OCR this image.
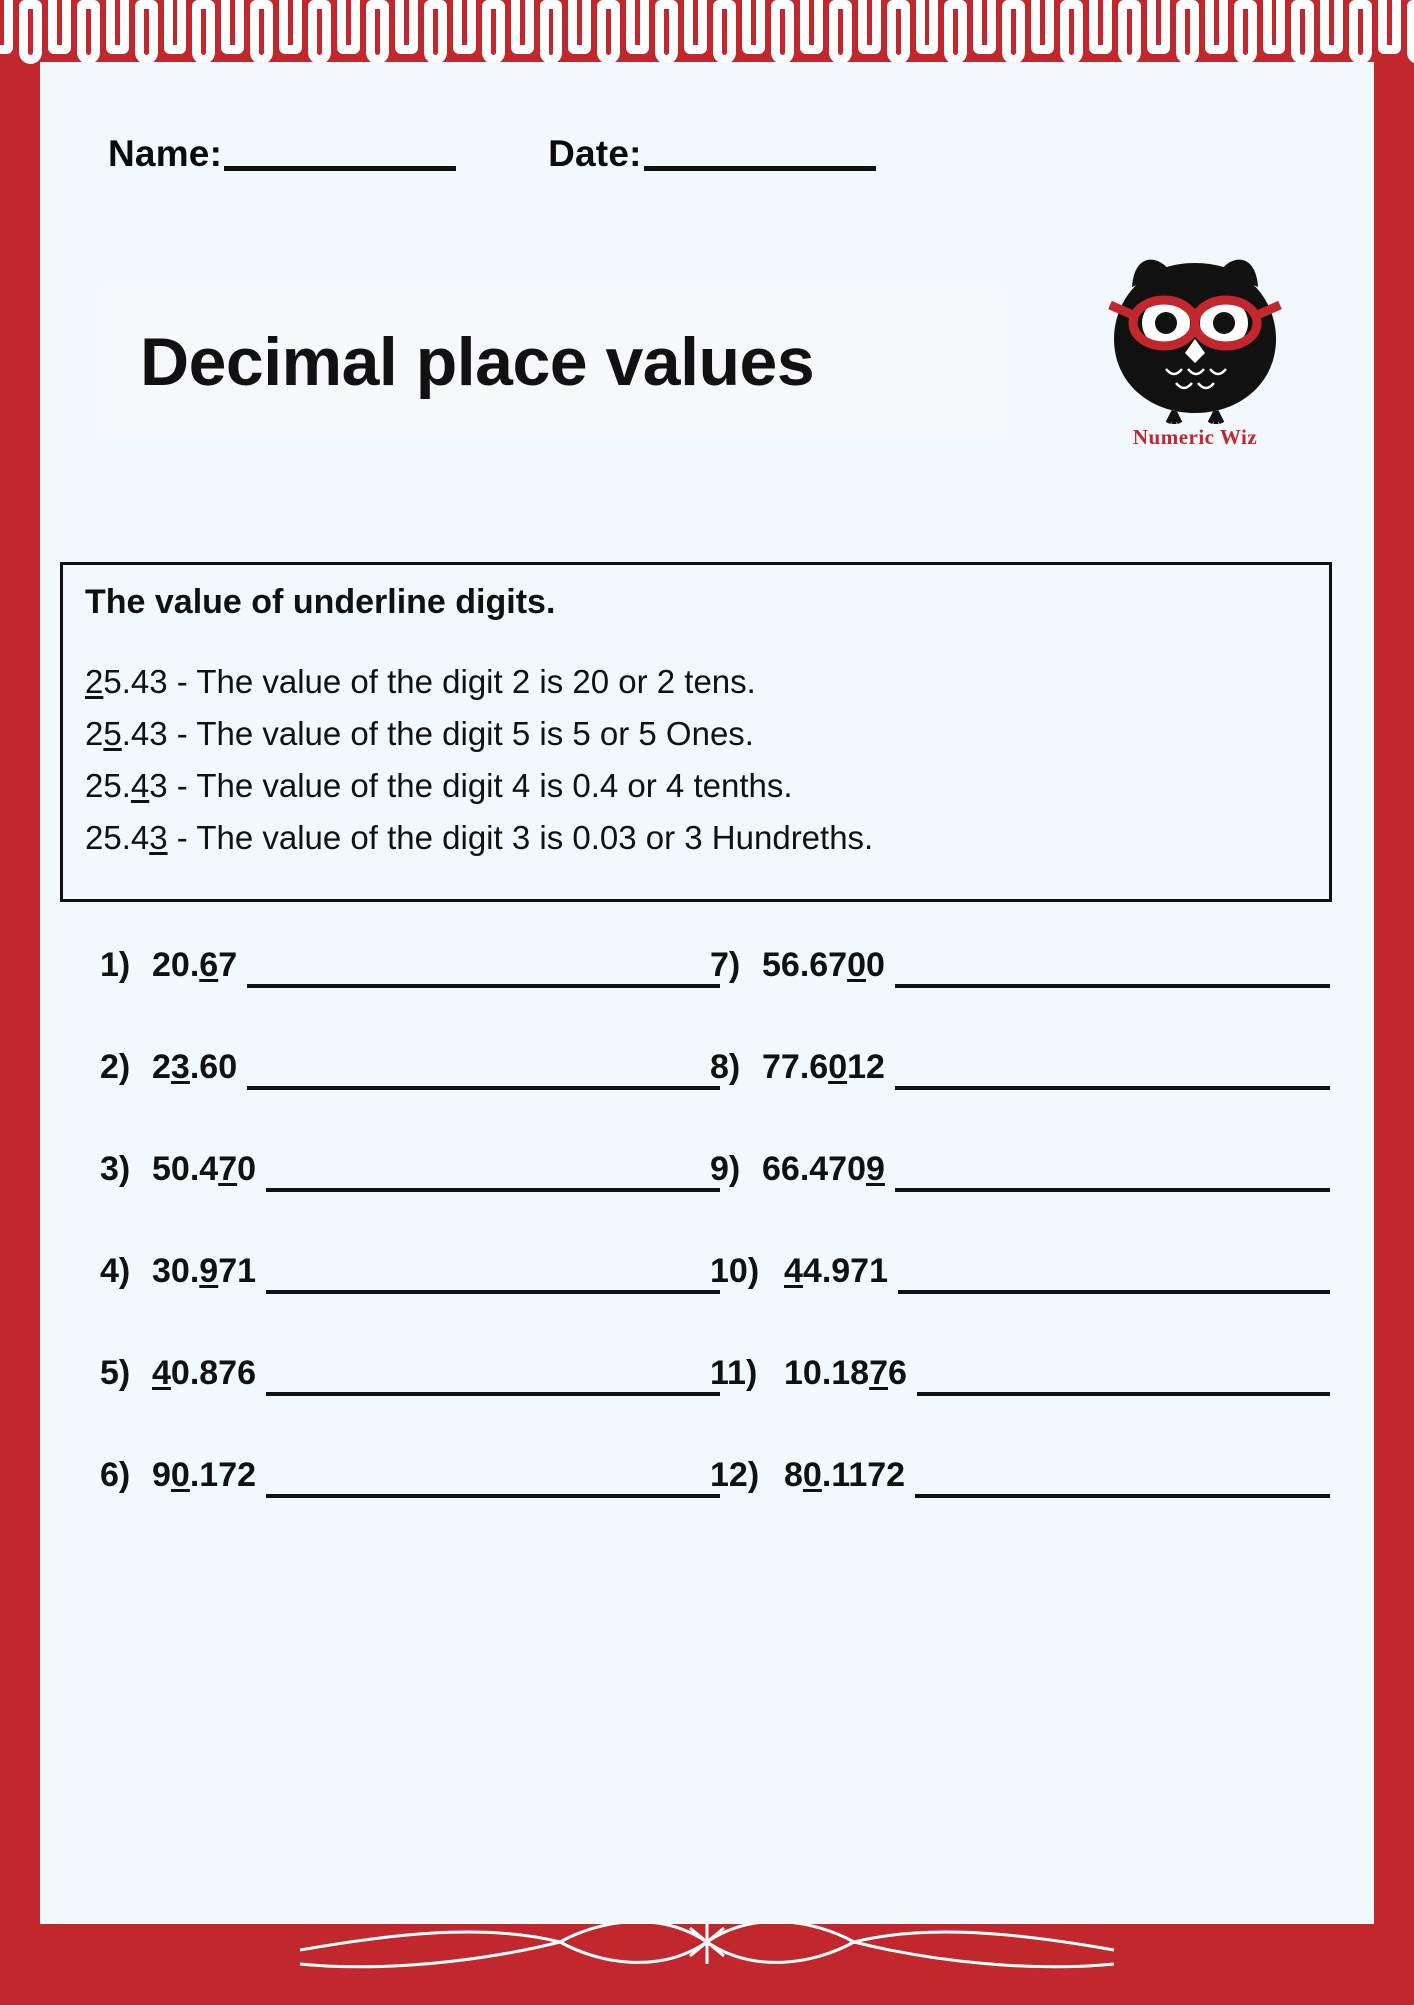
Name:	Date:
Decimal place values
Numeric Wiz
The value of underline digits.
25.43 - The value of the digit 2 is 20 or 2 tens.
25.43 - The value of the digit 5 is 5 or 5 Ones.
25.43 - The value of the digit 4 is 0.4 or 4 tenths.
25.43 - The value of the digit 3 is 0.03 or 3 Hundreths.
1) 20.67
2) 23.60
3) 50.470
4) 30.971
5) 40.876
6) 90.172
7) 56.6700
8) 77.6012
9) 66.4709
10) 44.971
11) 10.1876
12) 80.1172
